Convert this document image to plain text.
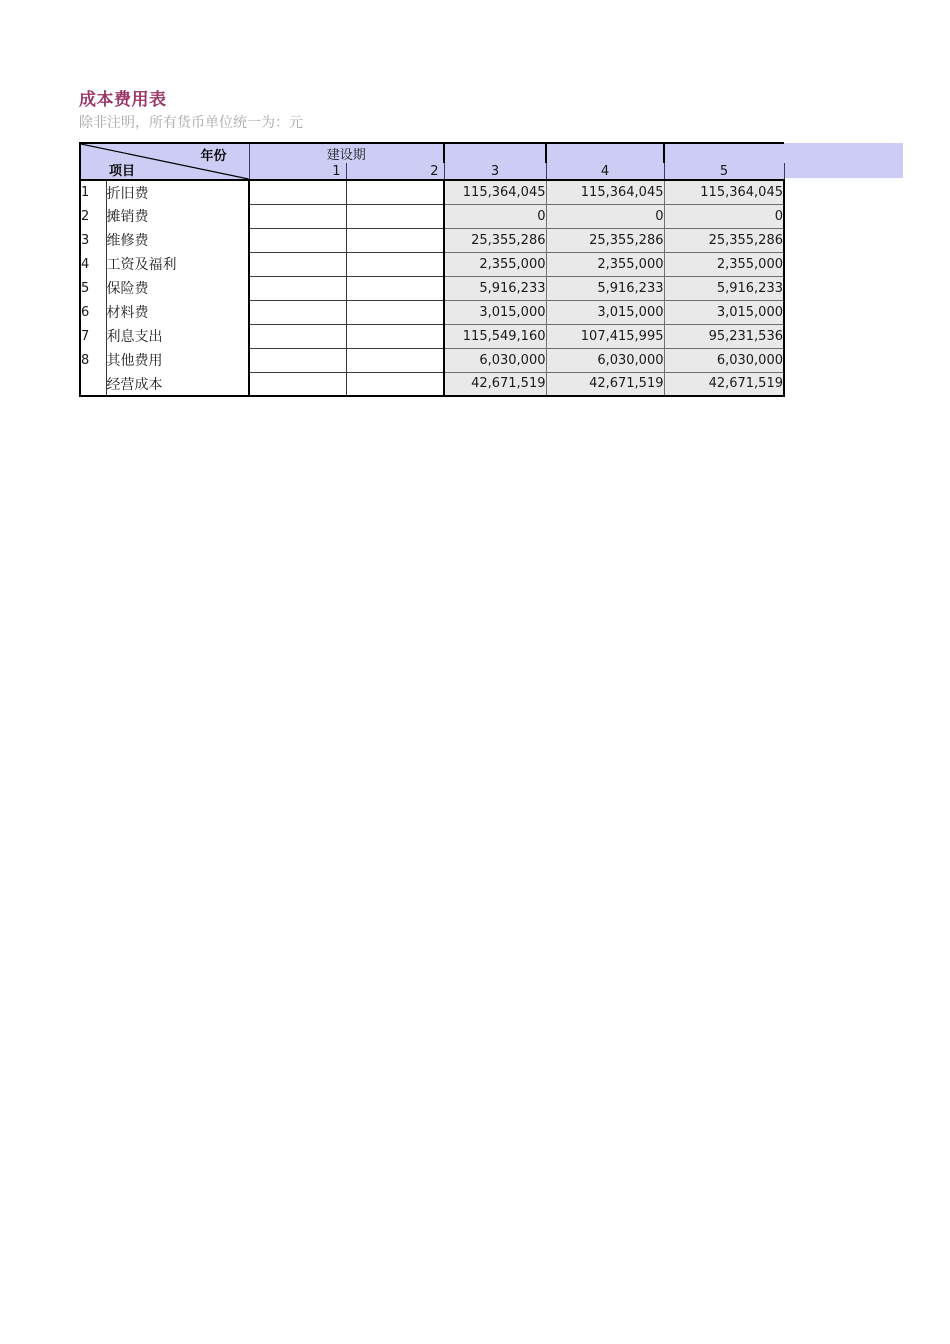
成本费用表
除非注明，所有货币单位统一为：元
年份
项目		建设期				
		1	2	3	4	5
1	折旧费			115,364,045	115,364,045	115,364,045
2	摊销费			0	0	0
3	维修费			25,355,286	25,355,286	25,355,286
4	工资及福利			2,355,000	2,355,000	2,355,000
5	保险费			5,916,233	5,916,233	5,916,233
6	材料费			3,015,000	3,015,000	3,015,000
7	利息支出			115,549,160	107,415,995	95,231,536
8	其他费用			6,030,000	6,030,000	6,030,000
	经营成本			42,671,519	42,671,519	42,671,519
